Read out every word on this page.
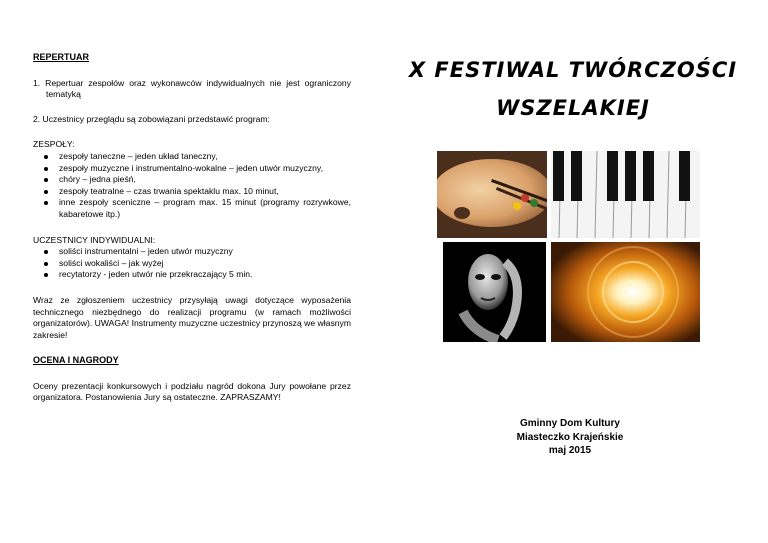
REPERTUAR

1. Repertuar zespołów oraz wykonawców indywidualnych nie jest ograniczony tematyką

2. Uczestnicy przeglądu są zobowiązani przedstawić program:

ZESPOŁY:

zespoły taneczne – jeden układ taneczny,
zespoły muzyczne i instrumentalno-wokalne – jeden utwór muzyczny,
chóry – jedna pieśń,
zespoły teatralne – czas trwania spektaklu max. 10 minut,
inne zespoły sceniczne – program max. 15 minut (programy rozrywkowe, kabaretowe itp.)

UCZESTNICY INDYWIDUALNI:

soliści instrumentalni – jeden utwór muzyczny
soliści wokaliści – jak wyżej
recytatorzy - jeden utwór nie przekraczający 5 min.

Wraz ze zgłoszeniem uczestnicy przysyłają uwagi dotyczące wyposażenia technicznego niezbędnego do realizacji programu (w ramach możliwości organizatorów). UWAGA! Instrumenty muzyczne uczestnicy przynoszą we własnym zakresie!

OCENA I NAGRODY

Oceny prezentacji konkursowych i podziału nagród dokona Jury powołane przez organizatora. Postanowienia Jury są ostateczne. ZAPRASZAMY!

X FESTIWAL TWÓRCZOŚCI
WSZELAKIEJ
Gminny Dom Kultury
Miasteczko Krajeńskie
maj 2015
